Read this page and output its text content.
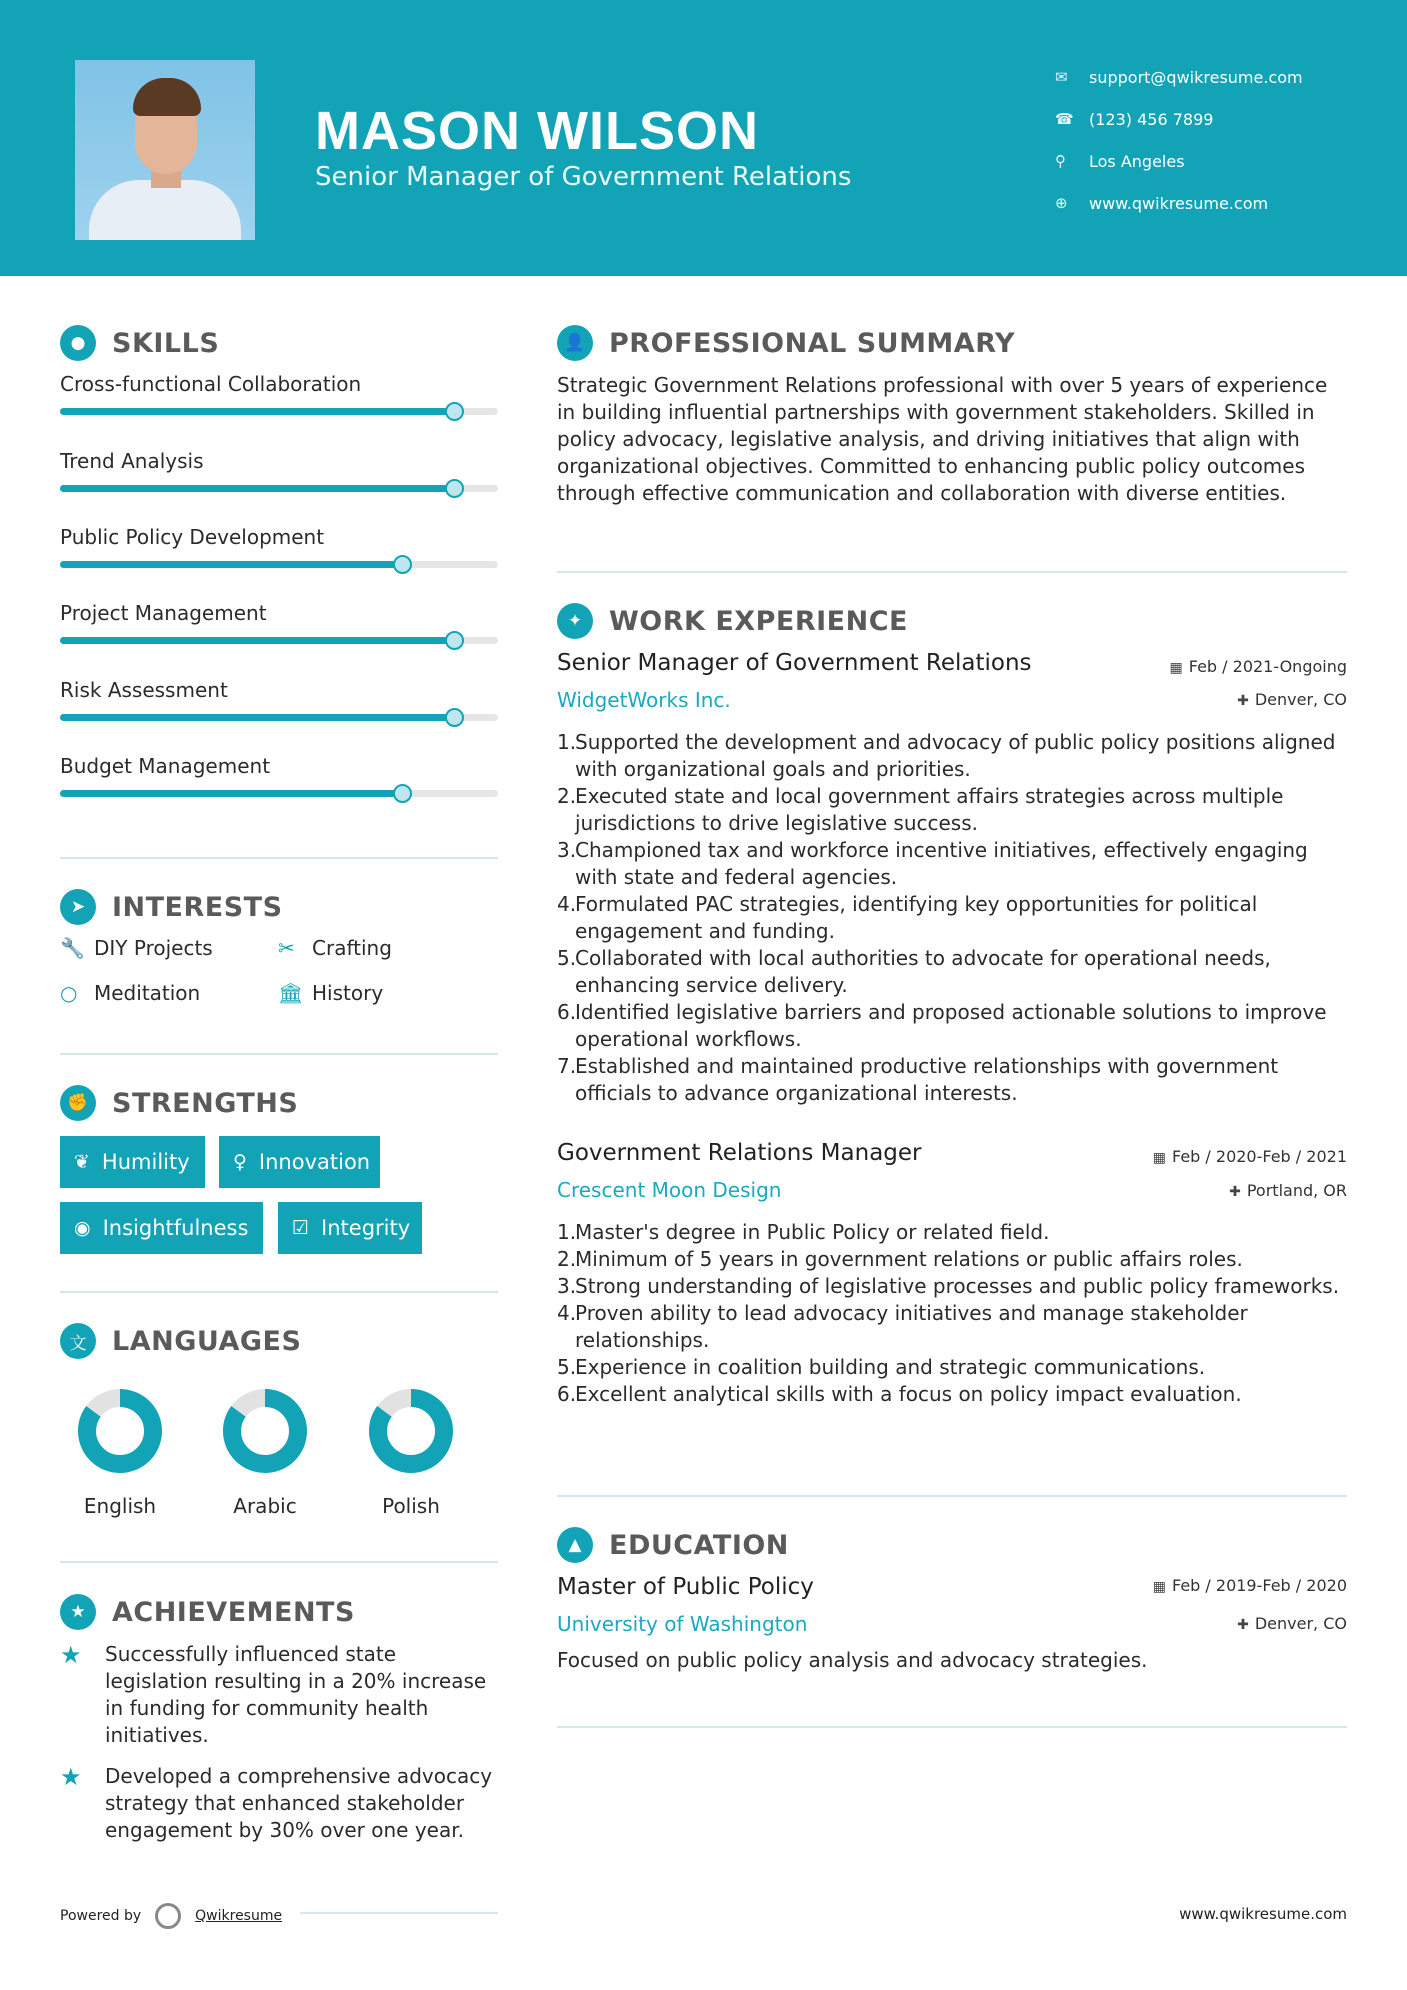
MASON WILSON
Senior Manager of Government Relations
✉	support@qwikresume.com
☎ (123) 456 7899
⚲	Los Angeles
⊕	www.qwikresume.com
● SKILLS
Cross-functional Collaboration
Trend Analysis
Public Policy Development
Project Management
Risk Assessment
Budget Management
➤ INTERESTS
🔧 DIY Projects	✂ Crafting
○ Meditation	🏛 History
✊ STRENGTHS
❦ Humility ♀ Innovation
◉ Insightfulness ☑ Integrity
文 LANGUAGES
English	Arabic	Polish
★ ACHIEVEMENTS
★	Successfully influenced state legislation resulting in a 20% increase in funding for community health initiatives.
★	Developed a comprehensive advocacy strategy that enhanced stakeholder engagement by 30% over one year.
👤 PROFESSIONAL SUMMARY
Strategic Government Relations professional with over 5 years of experience in building influential partnerships with government stakeholders. Skilled in policy advocacy, legislative analysis, and driving initiatives that align with organizational objectives. Committed to enhancing public policy outcomes through effective communication and collaboration with diverse entities.
✦ WORK EXPERIENCE
Senior Manager of Government Relations	▦ Feb / 2021-Ongoing
WidgetWorks Inc.	✚ Denver, CO
1.
Supported the development and advocacy of public policy positions aligned with organizational goals and priorities.
2.
Executed state and local government affairs strategies across multiple jurisdictions to drive legislative success.
3.
Championed tax and workforce incentive initiatives, effectively engaging with state and federal agencies.
4.
Formulated PAC strategies, identifying key opportunities for political engagement and funding.
5.
Collaborated with local authorities to advocate for operational needs, enhancing service delivery.
6.
Identified legislative barriers and proposed actionable solutions to improve operational workflows.
7.
Established and maintained productive relationships with government officials to advance organizational interests.
Government Relations Manager	▦ Feb / 2020-Feb / 2021
Crescent Moon Design	✚ Portland, OR
1.
Master's degree in Public Policy or related field.
2.
Minimum of 5 years in government relations or public affairs roles.
3.
Strong understanding of legislative processes and public policy frameworks.
4.
Proven ability to lead advocacy initiatives and manage stakeholder relationships.
5.
Experience in coalition building and strategic communications.
6.
Excellent analytical skills with a focus on policy impact evaluation.
▲	EDUCATION
Master of Public Policy	▦ Feb / 2019-Feb / 2020
University of Washington	✚ Denver, CO
Focused on public policy analysis and advocacy strategies.
Powered by	Qwikresume	www.qwikresume.com
